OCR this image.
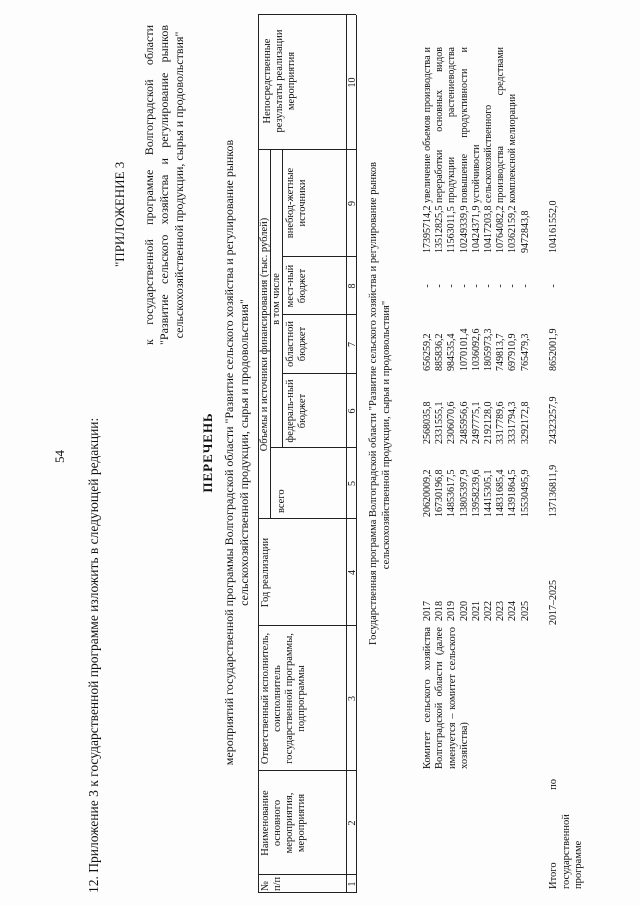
54 12. Приложение 3 к государственной программе изложить в следующей редакции:
"ПРИЛОЖЕНИЕ 3 к государственной программе Волгоградской области "Развитие сельского хозяйства и регулирование рынков сельскохозяйственной продукции, сырья и продовольствия"
ПЕРЕЧЕНЬ мероприятий государственной программы Волгоградской области "Развитие сельского хозяйства и регулирование рынков сельскохозяйственной продукции, сырья и продовольствия"
№ п/п
Наименование основного мероприятия, мероприятия
Ответственный исполнитель, соисполнитель государственной программы, подпрограммы
Год реализации
Объемы и источники финансирования (тыс. рублей)
всего
в том числе
федераль-ный бюджет
областной бюджет
мест-ный бюджет
внебюд-жетные источники
Непосредственные результаты реализации мероприятия
1
2
3
4
5
6
7
8
9
10
Государственная программа Волгоградской области "Развитие сельского хозяйства и регулирование рынков сельскохозяйственной продукции, сырья и продовольствия"
Комитет сельского хозяйства Волгоградской области (далее именуется – комитет сельского хозяйства)
2017 2018 2019 2020 2021 2022 2023 2024 2025
20620009,2 16730196,8 14853617,5 13805397,9 13958239,6 14415305,1 14831685,4 14391864,5 15530495,9
2568035,8 2331555,1 2306070,6 2485956,6 2497775,1 2192128,0 3317789,6 3331794,3 3292172,8
656259,2 885836,2 984535,4 1070101,4 1036092,6 1805973,3 749813,7 697910,9 765479,3
- - - - - - - - -
17395714,2 13512825,5 11563011,5 10249339,9 10424371,9 10417203,8 10764082,2 10362159,2 9472843,8
увеличение объемов производства и переработки основных видов продукции растениеводства повышение продуктивности и устойчивости сельскохозяйственного производства средствами комплексной мелиорации
Итого по государственной программе
2017–2025
137136811,9
24323257,9
8652001,9
-
104161552,0
